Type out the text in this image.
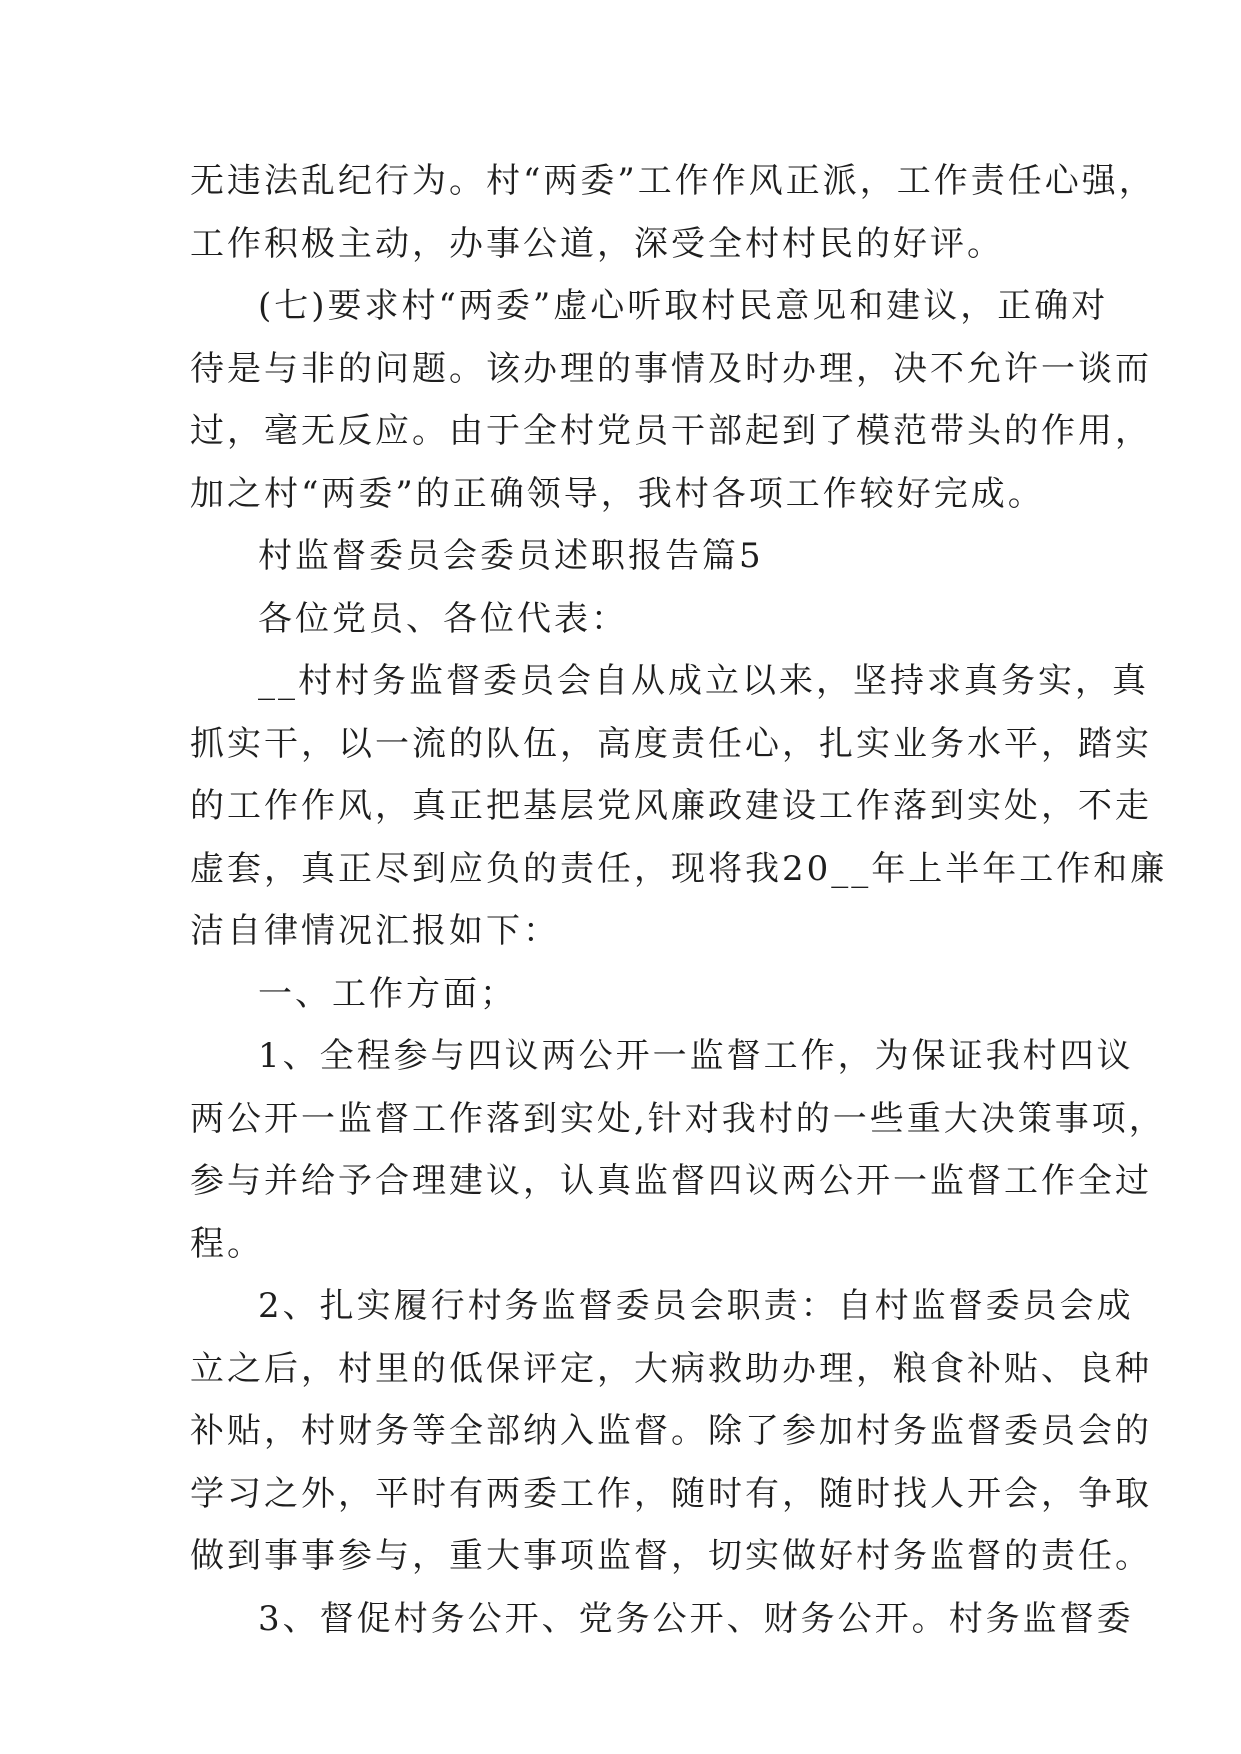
无违法乱纪行为。村“两委”工作作风正派，工作责任心强，
工作积极主动，办事公道，深受全村村民的好评。
(七)要求村“两委”虚心听取村民意见和建议，正确对
待是与非的问题。该办理的事情及时办理，决不允许一谈而
过，毫无反应。由于全村党员干部起到了模范带头的作用，
加之村“两委”的正确领导，我村各项工作较好完成。
村监督委员会委员述职报告篇5
各位党员、各位代表：
__村村务监督委员会自从成立以来，坚持求真务实，真
抓实干，以一流的队伍，高度责任心，扎实业务水平，踏实
的工作作风，真正把基层党风廉政建设工作落到实处，不走
虚套，真正尽到应负的责任，现将我20__年上半年工作和廉
洁自律情况汇报如下：
一、工作方面；
1、全程参与四议两公开一监督工作，为保证我村四议
两公开一监督工作落到实处,针对我村的一些重大决策事项，
参与并给予合理建议，认真监督四议两公开一监督工作全过
程。
2、扎实履行村务监督委员会职责：自村监督委员会成
立之后，村里的低保评定，大病救助办理，粮食补贴、良种
补贴，村财务等全部纳入监督。除了参加村务监督委员会的
学习之外，平时有两委工作，随时有，随时找人开会，争取
做到事事参与，重大事项监督，切实做好村务监督的责任。
3、督促村务公开、党务公开、财务公开。村务监督委
